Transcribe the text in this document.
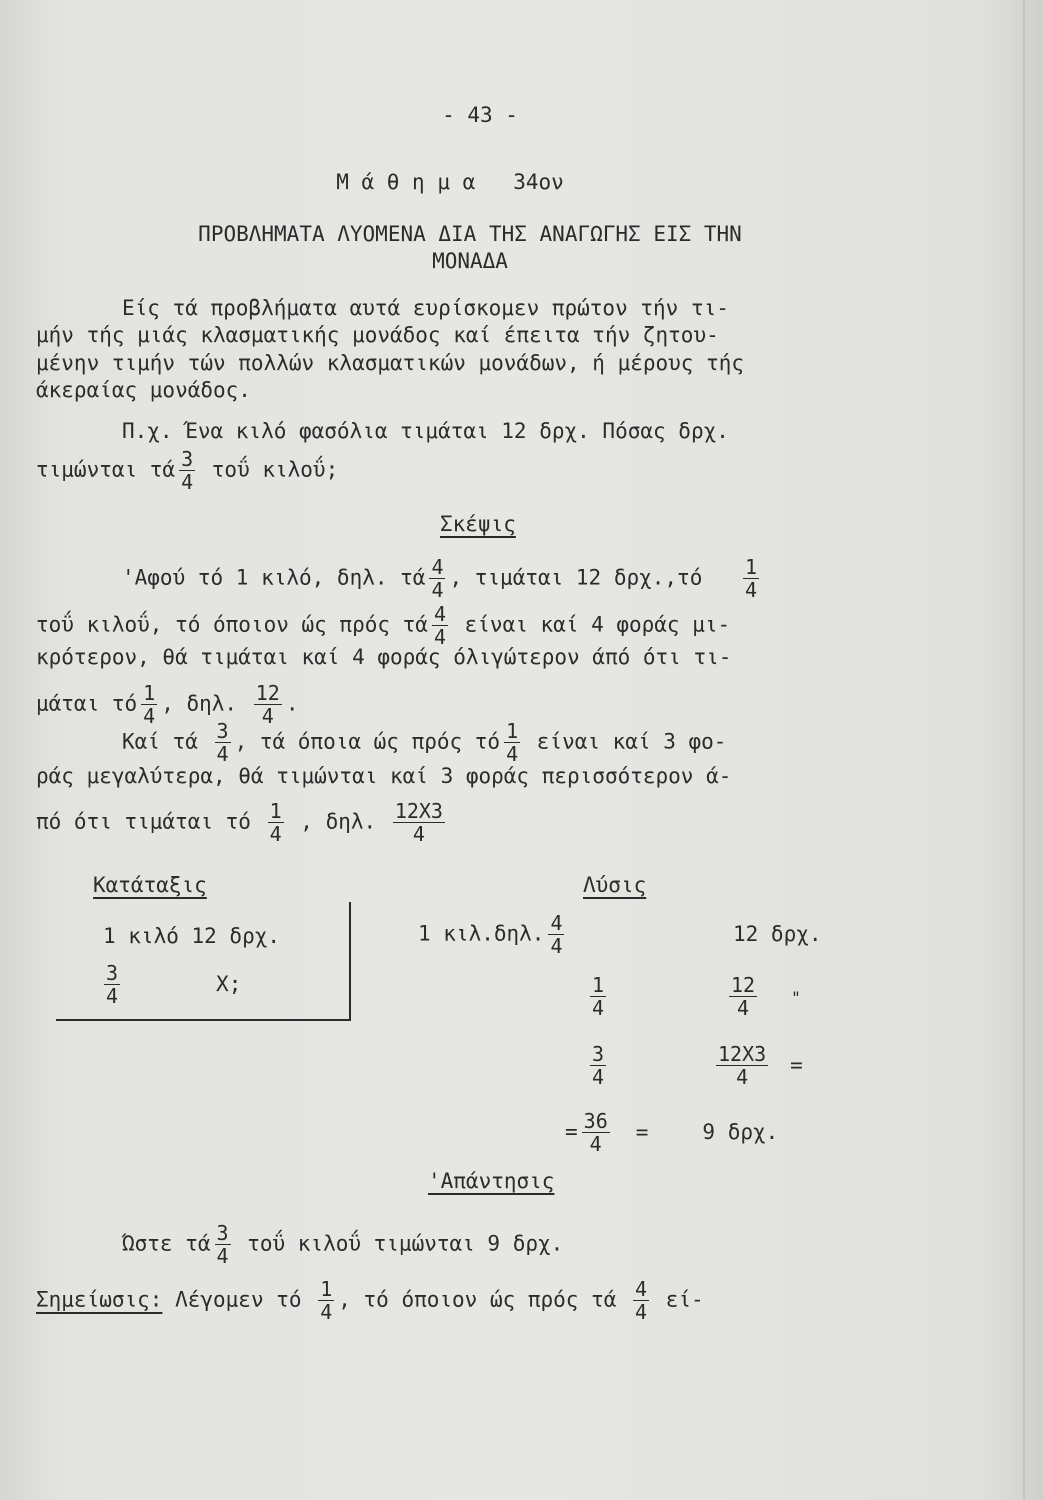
- 43 -
Μ ά θ η μ α   34ον
ΠΡΟΒΛΗΜΑΤΑ ΛΥΟΜΕΝΑ ΔΙΑ ΤΗΣ ΑΝΑΓΩΓΗΣ ΕΙΣ ΤΗΝ
ΜΟΝΑΔΑ
Είς τά προβλήματα αυτά ευρίσκομεν πρώτον τήν τι-
μήν τής μιάς κλασματικής μονάδος καί έπειτα τήν ζητου-
μένην τιμήν τών πολλών κλασματικών μονάδων, ή μέρους τής
άκεραίας μονάδος.
Π.χ. Ένα κιλό φασόλια τιμάται 12 δρχ. Πόσας δρχ.
τιμώνται τά $\frac{3}{4}$ τοΰ κιλοΰ;
Σκέψις
'Αφού τό 1 κιλό, δηλ. τά $\frac{4}{4}$ , τιμάται 12 $\delta\rho\chi.,\tau ό \frac{1}{4}$
τοΰ κιλοΰ, τό όποιον ώς πρός τά $\frac{4}{4}$ είναι καί 4 φοράς μι-
κρότερον, θά τιμάται καί 4 φοράς όλιγώτερον άπό ότι τι-
μάται τό $\frac{1}{4}$ , δηλ. $\frac{12}{4}$ .
Καί τά $\frac{3}{4}$ , τά όποια ώς πρός τό $\frac{1}{4}$ είναι καί 3 φο-
ράς μεγαλύτερα, θά τιμώνται καί 3 φοράς περισσότερον ά-
πό ότι τιμάται τό $\frac{1}{4}$ , δηλ. $\frac{12X3}{4}$
Κατάταξις
1 κιλό 12 δρχ.
$\frac{3}{4}$	Χ;
Λύσις
1 κιλ.δηλ. $\frac{4}{4}$	12 δρχ.
$\frac{1}{4}$	$\frac{12}{4}$ "
$\frac{3}{4}$	$\frac{12X3}{4}$ =
= $\frac{36}{4}$ =	9 δρχ.
'Απάντησις
Ώστε τά $\frac{3}{4}$ τοΰ κιλοΰ τιμώνται 9 δρχ.
Σημείωσις: Λέγομεν τό $\frac{1}{4}$ , τό όποιον ώς πρός τά $\frac{4}{4} \varepsilon ί-$
